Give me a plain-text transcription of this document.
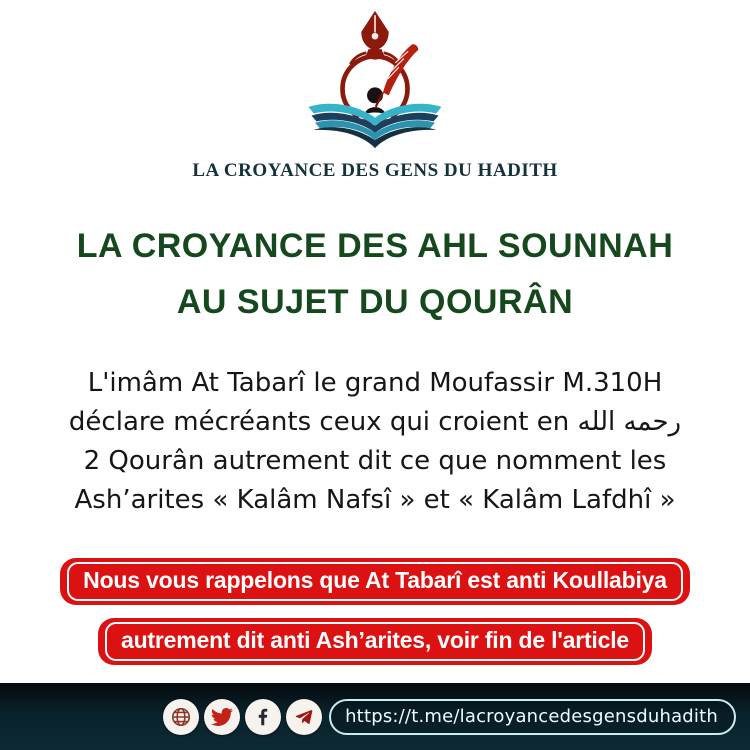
LA CROYANCE DES GENS DU HADITH
LA CROYANCE DES AHL SOUNNAH
AU SUJET DU QOURÂN
L'imâm At Tabarî le grand Moufassir M.310H
déclare mécréants ceux qui croient en رحمه الله
2 Qourân autrement dit ce que nomment les
Ash’arites « Kalâm Nafsî » et « Kalâm Lafdhî »
Nous vous rappelons que At Tabarî est anti Koullabiya
autrement dit anti Ash’arites, voir fin de l'article
https://t.me/lacroyancedesgensduhadith
